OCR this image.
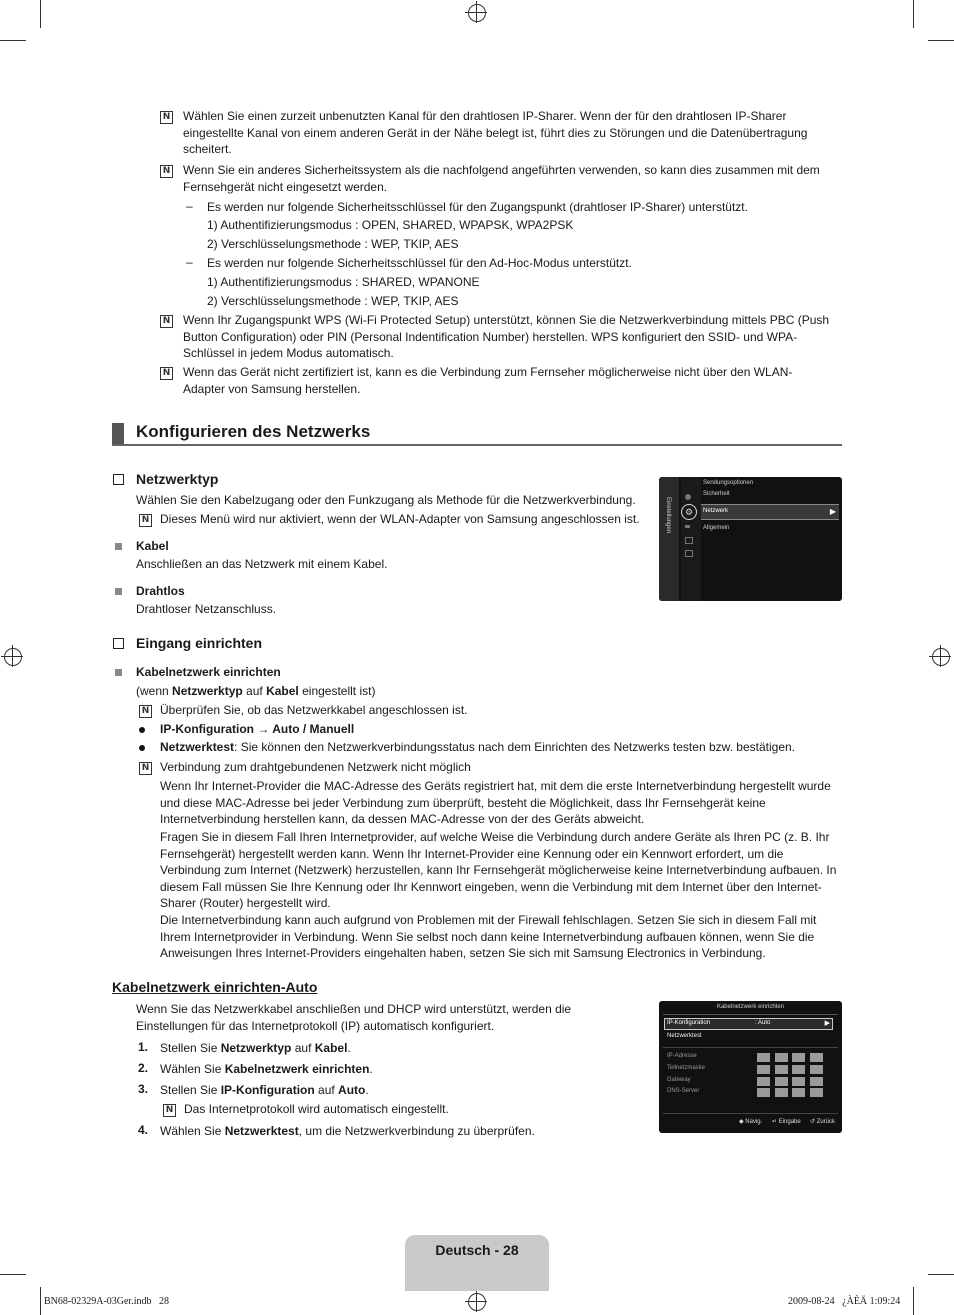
N Wählen Sie einen zurzeit unbenutzten Kanal für den drahtlosen IP-Sharer. Wenn der für den drahtlosen IP-Sharer eingestellte Kanal von einem anderen Gerät in der Nähe belegt ist, führt dies zu Störungen und die Datenübertragung scheitert.

N Wenn Sie ein anderes Sicherheitssystem als die nachfolgend angeführten verwenden, so kann dies zusammen mit dem Fernsehgerät nicht eingesetzt werden.

– Es werden nur folgende Sicherheitsschlüssel für den Zugangspunkt (drahtloser IP-Sharer) unterstützt.

1) Authentifizierungsmodus : OPEN, SHARED, WPAPSK, WPA2PSK

2) Verschlüsselungsmethode : WEP, TKIP, AES

– Es werden nur folgende Sicherheitsschlüssel für den Ad-Hoc-Modus unterstützt.

1) Authentifizierungsmodus : SHARED, WPANONE

2) Verschlüsselungsmethode : WEP, TKIP, AES

N Wenn Ihr Zugangspunkt WPS (Wi-Fi Protected Setup) unterstützt, können Sie die Netzwerkverbindung mittels PBC (Push Button Configuration) oder PIN (Personal Indentification Number) herstellen. WPS konfiguriert den SSID- und WPA-Schlüssel in jedem Modus automatisch.

N Wenn das Gerät nicht zertifiziert ist, kann es die Verbindung zum Fernseher möglicherweise nicht über den WLAN-Adapter von Samsung herstellen.

Konfigurieren des Netzwerks
Netzwerktyp

Wählen Sie den Kabelzugang oder den Funkzugang als Methode für die Netzwerkverbindung.

N Dieses Menü wird nur aktiviert, wenn der WLAN-Adapter von Samsung angeschlossen ist.

Kabel

Anschließen an das Netzwerk mit einem Kabel.

Drahtlos

Drahtloser Netzanschluss.

Einstellungen	⚙
Sendungsoptionen
Sicherheit
Netzwerk	▶
Allgemein
Eingang einrichten

Kabelnetzwerk einrichten

(wenn Netzwerktyp auf Kabel eingestellt ist)

N Überprüfen Sie, ob das Netzwerkkabel angeschlossen ist.

IP-Konfiguration → Auto / Manuell

Netzwerktest: Sie können den Netzwerkverbindungsstatus nach dem Einrichten des Netzwerks testen bzw. bestätigen.

N Verbindung zum drahtgebundenen Netzwerk nicht möglich

Wenn Ihr Internet-Provider die MAC-Adresse des Geräts registriert hat, mit dem die erste Internetverbindung hergestellt wurde und diese MAC-Adresse bei jeder Verbindung zum überprüft, besteht die Möglichkeit, dass Ihr Fernsehgerät keine Internetverbindung herstellen kann, da dessen MAC-Adresse von der des Geräts abweicht.

Fragen Sie in diesem Fall Ihren Internetprovider, auf welche Weise die Verbindung durch andere Geräte als Ihren PC (z. B. Ihr Fernsehgerät) hergestellt werden kann. Wenn Ihr Internet-Provider eine Kennung oder ein Kennwort erfordert, um die Verbindung zum Internet (Netzwerk) herzustellen, kann Ihr Fernsehgerät möglicherweise keine Internetverbindung aufbauen. In diesem Fall müssen Sie Ihre Kennung oder Ihr Kennwort eingeben, wenn die Verbindung mit dem Internet über den Internet-Sharer (Router) hergestellt wird.

Die Internetverbindung kann auch aufgrund von Problemen mit der Firewall fehlschlagen. Setzen Sie sich in diesem Fall mit Ihrem Internetprovider in Verbindung. Wenn Sie selbst noch dann keine Internetverbindung aufbauen können, wenn Sie die Anweisungen Ihres Internet-Providers eingehalten haben, setzen Sie sich mit Samsung Electronics in Verbindung.

Kabelnetzwerk einrichten-Auto

Wenn Sie das Netzwerkkabel anschließen und DHCP wird unterstützt, werden die Einstellungen für das Internetprotokoll (IP) automatisch konfiguriert.

1. Stellen Sie Netzwerktyp auf Kabel.

2. Wählen Sie Kabelnetzwerk einrichten.

3. Stellen Sie IP-Konfiguration auf Auto.

N Das Internetprotokoll wird automatisch eingestellt.

4. Wählen Sie Netzwerktest, um die Netzwerkverbindung zu überprüfen.

Kabelnetzwerk einrichten
IP-Konfiguration	: Auto	▶
Netzwerktest
IP-Adresse
Teilnetzmaske
Gateway
DNS-Server
◆ Navig. ↵ Eingabe ↺ Zurück
Deutsch - 28
BN68-02329A-03Ger.indb   28	2009-08-24   ¿ÀÈÄ 1:09:24
